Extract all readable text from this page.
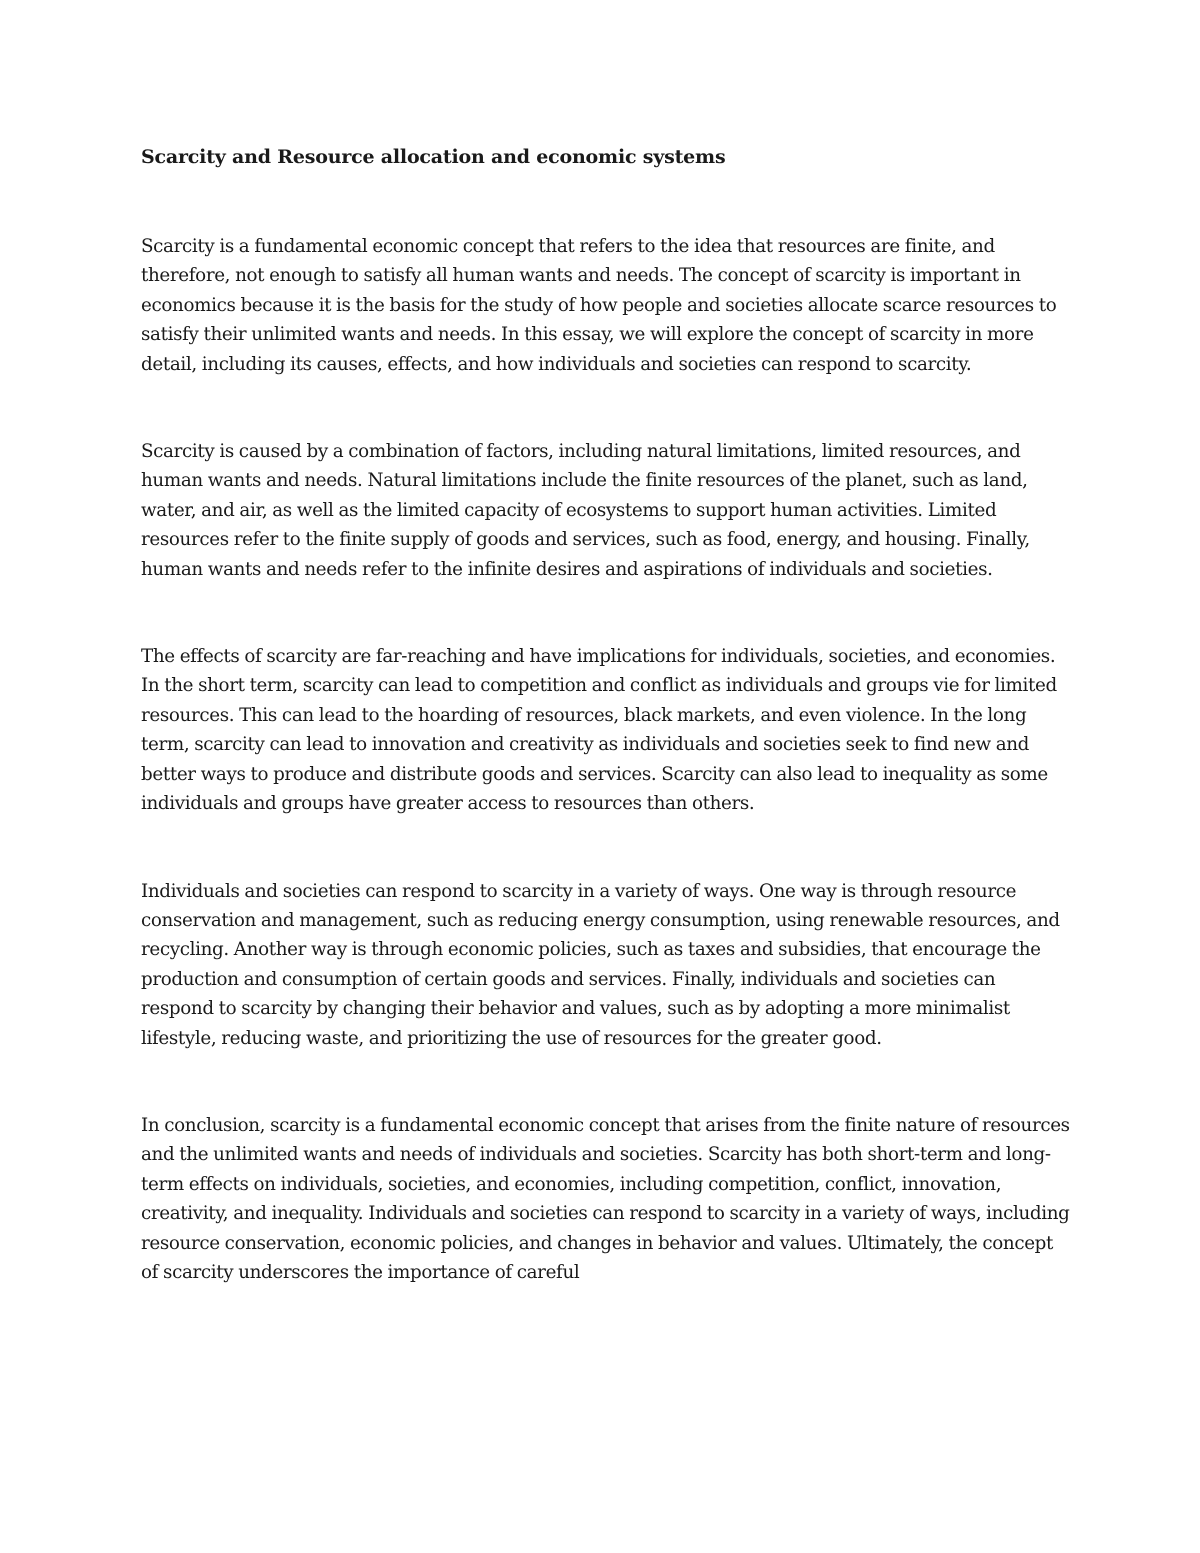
Scarcity and Resource allocation and economic systems

Scarcity is a fundamental economic concept that refers to the idea that resources are finite, and therefore, not enough to satisfy all human wants and needs. The concept of scarcity is important in economics because it is the basis for the study of how people and societies allocate scarce resources to satisfy their unlimited wants and needs. In this essay, we will explore the concept of scarcity in more detail, including its causes, effects, and how individuals and societies can respond to scarcity.

Scarcity is caused by a combination of factors, including natural limitations, limited resources, and human wants and needs. Natural limitations include the finite resources of the planet, such as land, water, and air, as well as the limited capacity of ecosystems to support human activities. Limited resources refer to the finite supply of goods and services, such as food, energy, and housing. Finally, human wants and needs refer to the infinite desires and aspirations of individuals and societies.

The effects of scarcity are far-reaching and have implications for individuals, societies, and economies. In the short term, scarcity can lead to competition and conflict as individuals and groups vie for limited resources. This can lead to the hoarding of resources, black markets, and even violence. In the long term, scarcity can lead to innovation and creativity as individuals and societies seek to find new and better ways to produce and distribute goods and services. Scarcity can also lead to inequality as some individuals and groups have greater access to resources than others.

Individuals and societies can respond to scarcity in a variety of ways. One way is through resource conservation and management, such as reducing energy consumption, using renewable resources, and recycling. Another way is through economic policies, such as taxes and subsidies, that encourage the production and consumption of certain goods and services. Finally, individuals and societies can respond to scarcity by changing their behavior and values, such as by adopting a more minimalist lifestyle, reducing waste, and prioritizing the use of resources for the greater good.

In conclusion, scarcity is a fundamental economic concept that arises from the finite nature of resources and the unlimited wants and needs of individuals and societies. Scarcity has both short-term and long-term effects on individuals, societies, and economies, including competition, conflict, innovation, creativity, and inequality. Individuals and societies can respond to scarcity in a variety of ways, including resource conservation, economic policies, and changes in behavior and values. Ultimately, the concept of scarcity underscores the importance of careful
